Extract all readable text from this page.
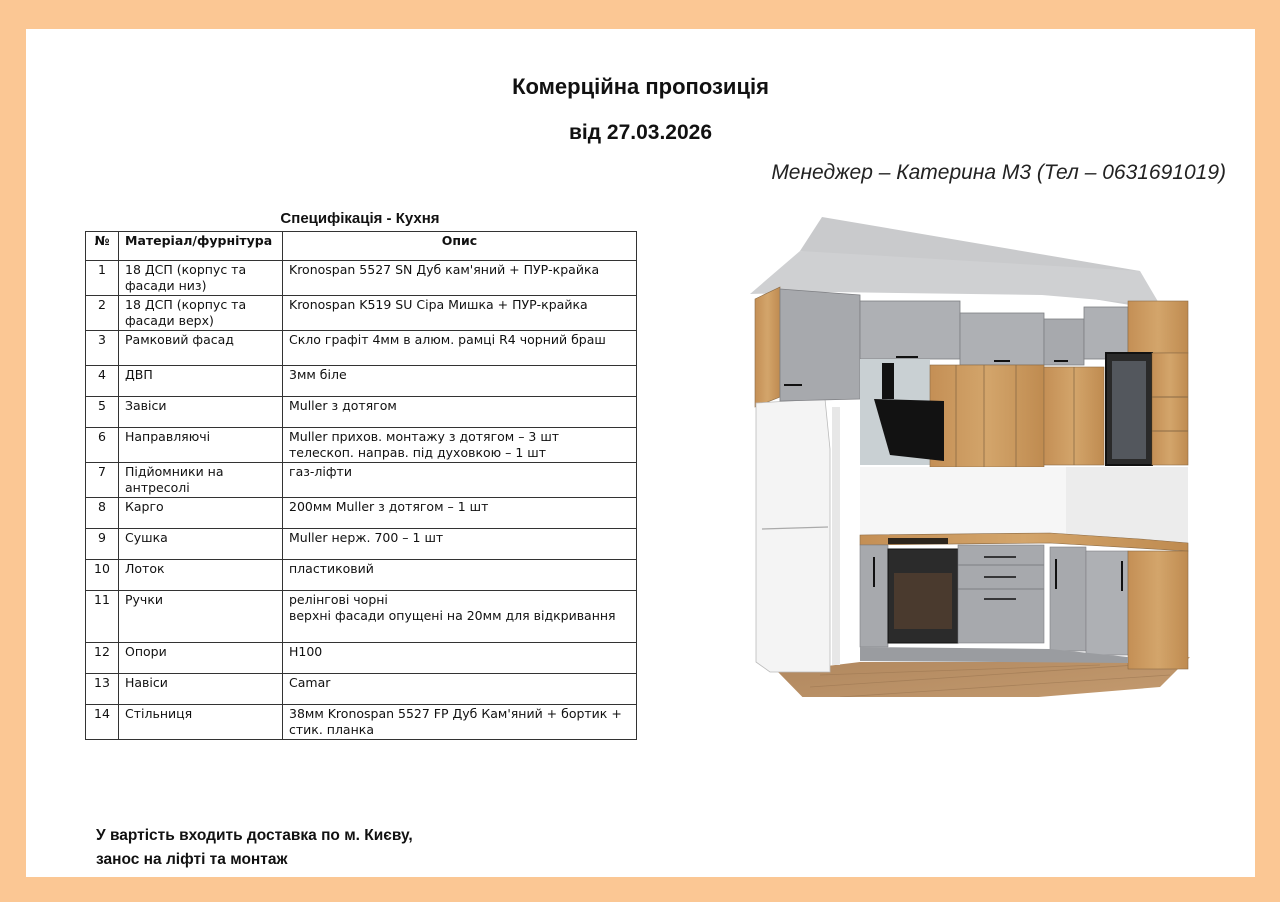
Комерційна пропозиція
від 27.03.2026
Менеджер – Катерина М3 (Тел – 0631691019)
Специфікація - Кухня
№	Матеріал/фурнітура	Опис
1	18 ДСП (корпус та фасади низ)	Kronospan 5527 SN Дуб кам'яний + ПУР-крайка
2	18 ДСП (корпус та фасади верх)	Kronospan K519 SU Сіра Мишка + ПУР-крайка
3	Рамковий фасад	Скло графіт 4мм в алюм. рамці R4 чорний браш
4	ДВП	3мм біле
5	Завіси	Muller з дотягом
6	Направляючі	Muller прихов. монтажу з дотягом – 3 шт
телескоп. направ. під духовкою – 1 шт
7	Підйомники на антресолі	газ-ліфти
8	Карго	200мм Muller з дотягом – 1 шт
9	Сушка	Muller нерж. 700 – 1 шт
10	Лоток	пластиковий
11	Ручки	релінгові чорні
верхні фасади опущені на 20мм для відкривання
12	Опори	H100
13	Навіси	Camar
14	Стільниця	38мм Kronospan 5527 FP Дуб Кам'яний + бортик + стик. планка
У вартість входить доставка по м. Києву,
занос на ліфті та монтаж
